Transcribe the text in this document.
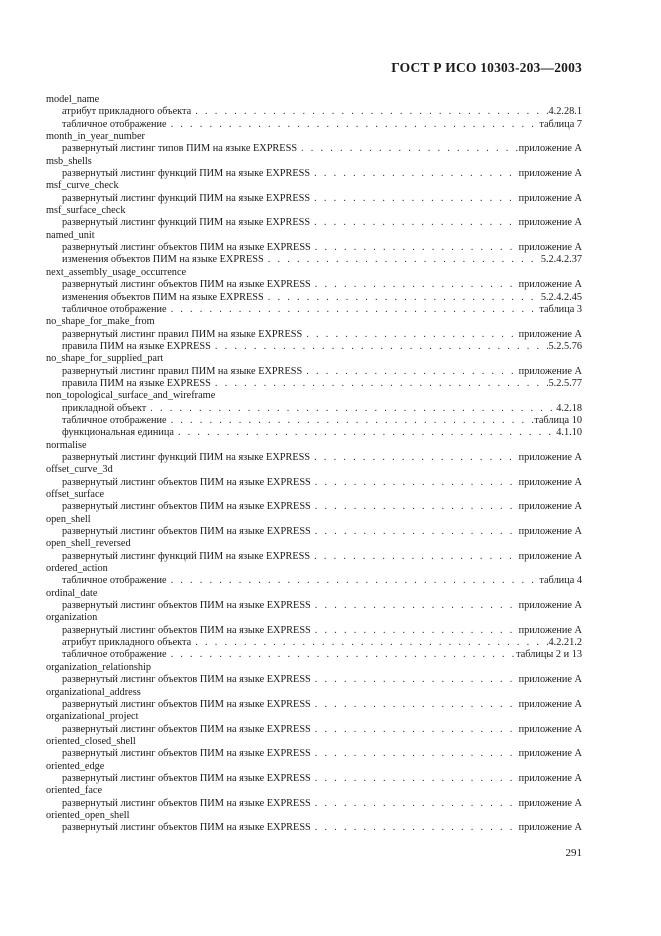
ГОСТ Р ИСО 10303-203—2003
model_name
атрибут прикладного объекта . . .	4.2.28.1
табличное отображение . . .	таблица 7
month_in_year_number
развернутый листинг типов ПИМ на языке EXPRESS . . .	приложение А
msb_shells
развернутый листинг функций ПИМ на языке EXPRESS . . .	приложение А
msf_curve_check
развернутый листинг функций ПИМ на языке EXPRESS . . .	приложение А
msf_surface_check
развернутый листинг функций ПИМ на языке EXPRESS . . .	приложение А
named_unit
развернутый листинг объектов ПИМ на языке EXPRESS . . .	приложение А
изменения объектов ПИМ на языке EXPRESS . . .	5.2.4.2.37
next_assembly_usage_occurrence
развернутый листинг объектов ПИМ на языке EXPRESS . . .	приложение А
изменения объектов ПИМ на языке EXPRESS . . .	5.2.4.2.45
табличное отображение . . .	таблица 3
no_shape_for_make_from
развернутый листинг правил ПИМ на языке EXPRESS . . .	приложение А
правила ПИМ на языке EXPRESS . . .	5.2.5.76
no_shape_for_supplied_part
развернутый листинг правил ПИМ на языке EXPRESS . . .	приложение А
правила ПИМ на языке EXPRESS . . .	5.2.5.77
non_topological_surface_and_wireframe
прикладной объект . . .	4.2.18
табличное отображение . . .	таблица 10
функциональная единица . . .	4.1.10
normalise
развернутый листинг функций ПИМ на языке EXPRESS . . .	приложение А
offset_curve_3d
развернутый листинг объектов ПИМ на языке EXPRESS . . .	приложение А
offset_surface
развернутый листинг объектов ПИМ на языке EXPRESS . . .	приложение А
open_shell
развернутый листинг объектов ПИМ на языке EXPRESS . . .	приложение А
open_shell_reversed
развернутый листинг функций ПИМ на языке EXPRESS . . .	приложение А
ordered_action
табличное отображение . . .	таблица 4
ordinal_date
развернутый листинг объектов ПИМ на языке EXPRESS . . .	приложение А
organization
развернутый листинг объектов ПИМ на языке EXPRESS . . .	приложение А
атрибут прикладного объекта . . .	4.2.21.2
табличное отображение . . .	таблицы 2 и 13
organization_relationship
развернутый листинг объектов ПИМ на языке EXPRESS . . .	приложение А
organizational_address
развернутый листинг объектов ПИМ на языке EXPRESS . . .	приложение А
organizational_project
развернутый листинг объектов ПИМ на языке EXPRESS . . .	приложение А
oriented_closed_shell
развернутый листинг объектов ПИМ на языке EXPRESS . . .	приложение А
oriented_edge
развернутый листинг объектов ПИМ на языке EXPRESS . . .	приложение А
oriented_face
развернутый листинг объектов ПИМ на языке EXPRESS . . .	приложение А
oriented_open_shell
развернутый листинг объектов ПИМ на языке EXPRESS . . .	приложение А
291
